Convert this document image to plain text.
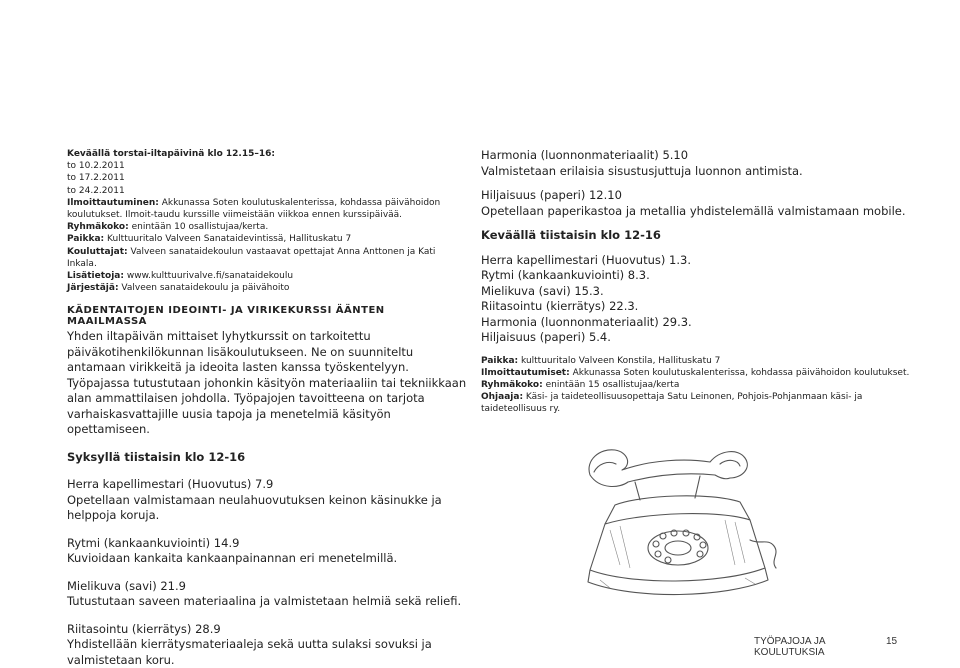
Keväällä torstai-iltapäivinä klo 12.15–16:

to 10.2.2011

to 17.2.2011

to 24.2.2011

Ilmoittautuminen: Akkunassa Soten koulutuskalenterissa, kohdassa päivähoidon koulutukset. Ilmoit-taudu kurssille viimeistään viikkoa ennen kurssipäivää.

Ryhmäkoko: enintään 10 osallistujaa/kerta.

Paikka: Kulttuuritalo Valveen Sanataidevintissä, Hallituskatu 7

Kouluttajat: Valveen sanataidekoulun vastaavat opettajat Anna Anttonen ja Kati Inkala.

Lisätietoja: www.kulttuurivalve.fi/sanataidekoulu

Järjestäjä: Valveen sanataidekoulu ja päivähoito

KÄDENTAITOJEN IDEOINTI- JA VIRIKEKURSSI ÄÄNTEN MAAILMASSA

Yhden iltapäivän mittaiset lyhytkurssit on tarkoitettu päiväkotihenkilökunnan lisäkoulutukseen. Ne on suunniteltu antamaan virikkeitä ja ideoita lasten kanssa työskentelyyn. Työpajassa tutustutaan johonkin käsityön materiaaliin tai tekniikkaan alan ammattilaisen johdolla. Työpajojen tavoitteena on tarjota varhaiskasvattajille uusia tapoja ja menetelmiä käsityön opettamiseen.

Syksyllä tiistaisin klo 12-16

Herra kapellimestari (Huovutus) 7.9

Opetellaan valmistamaan neulahuovutuksen keinon käsinukke ja helppoja koruja.

Rytmi (kankaankuviointi) 14.9

Kuvioidaan kankaita kankaanpainannan eri menetelmillä.

Mielikuva (savi) 21.9

Tutustutaan saveen materiaalina ja valmistetaan helmiä sekä reliefi.

Riitasointu (kierrätys) 28.9

Yhdistellään kierrätysmateriaaleja sekä uutta sulaksi sovuksi ja valmistetaan koru.

Harmonia (luonnonmateriaalit) 5.10

Valmistetaan erilaisia sisustusjuttuja luonnon antimista.

Hiljaisuus (paperi) 12.10

Opetellaan paperikastoa ja metallia yhdistelemällä valmistamaan mobile.

Keväällä tiistaisin klo 12-16

Herra kapellimestari (Huovutus) 1.3.

Rytmi (kankaankuviointi) 8.3.

Mielikuva (savi) 15.3.

Riitasointu (kierrätys) 22.3.

Harmonia (luonnonmateriaalit) 29.3.

Hiljaisuus (paperi) 5.4.

Paikka: kulttuuritalo Valveen Konstila, Hallituskatu 7

Ilmoittautumiset: Akkunassa Soten koulutuskalenterissa, kohdassa päivähoidon koulutukset.

Ryhmäkoko: enintään 15 osallistujaa/kerta

Ohjaaja: Käsi- ja taideteollisuusopettaja Satu Leinonen, Pohjois-Pohjanmaan käsi- ja taideteollisuus ry.

TYÖPAJOJA JA
KOULUTUKSIA
15
